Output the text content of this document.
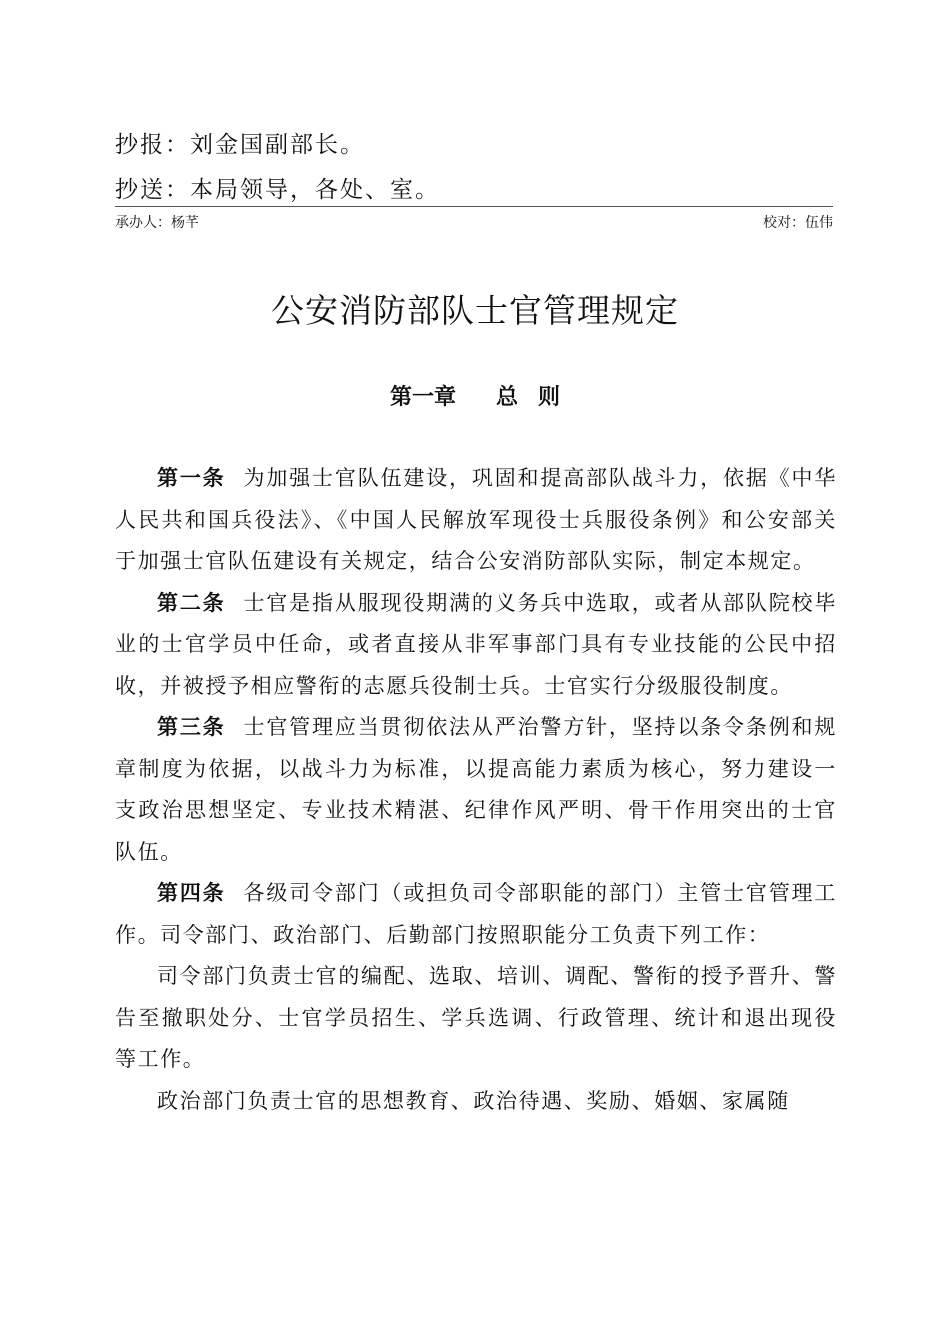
抄报：刘金国副部长。
抄送：本局领导，各处、室。
承办人：杨芊	校对：伍伟
公安消防部队士官管理规定
第一章 总 则

第一条 为加强士官队伍建设，巩固和提高部队战斗力，依据《中华人民共和国兵役法》、《中国人民解放军现役士兵服役条例》和公安部关于加强士官队伍建设有关规定，结合公安消防部队实际，制定本规定。

第二条 士官是指从服现役期满的义务兵中选取，或者从部队院校毕业的士官学员中任命，或者直接从非军事部门具有专业技能的公民中招收，并被授予相应警衔的志愿兵役制士兵。士官实行分级服役制度。

第三条 士官管理应当贯彻依法从严治警方针，坚持以条令条例和规章制度为依据，以战斗力为标准，以提高能力素质为核心，努力建设一支政治思想坚定、专业技术精湛、纪律作风严明、骨干作用突出的士官队伍。

第四条 各级司令部门（或担负司令部职能的部门）主管士官管理工作。司令部门、政治部门、后勤部门按照职能分工负责下列工作：

司令部门负责士官的编配、选取、培训、调配、警衔的授予晋升、警告至撤职处分、士官学员招生、学兵选调、行政管理、统计和退出现役等工作。

政治部门负责士官的思想教育、政治待遇、奖励、婚姻、家属随
